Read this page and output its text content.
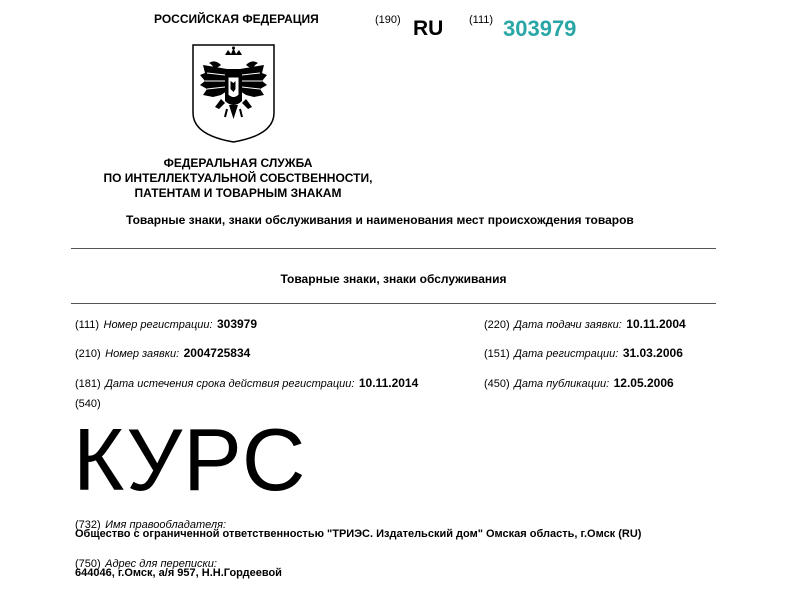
РОССИЙСКАЯ ФЕДЕРАЦИЯ	(190) RU (111) 303979
ФЕДЕРАЛЬНАЯ СЛУЖБА
ПО ИНТЕЛЛЕКТУАЛЬНОЙ СОБСТВЕННОСТИ,
ПАТЕНТАМ И ТОВАРНЫМ ЗНАКАМ
Товарные знаки, знаки обслуживания и наименования мест происхождения товаров
Товарные знаки, знаки обслуживания
(111) Номер регистрации: 303979	(220) Дата подачи заявки: 10.11.2004
(210) Номер заявки: 2004725834	(151) Дата регистрации: 31.03.2006
(181) Дата истечения срока действия регистрации: 10.11.2014	(450) Дата публикации: 12.05.2006
(540)
КУРС
(732) Имя правообладателя:
Общество с ограниченной ответственностью "ТРИЭС. Издательский дом" Омская область, г.Омск (RU)
(750) Адрес для переписки:
644046, г.Омск, а/я 957, Н.Н.Гордеевой
